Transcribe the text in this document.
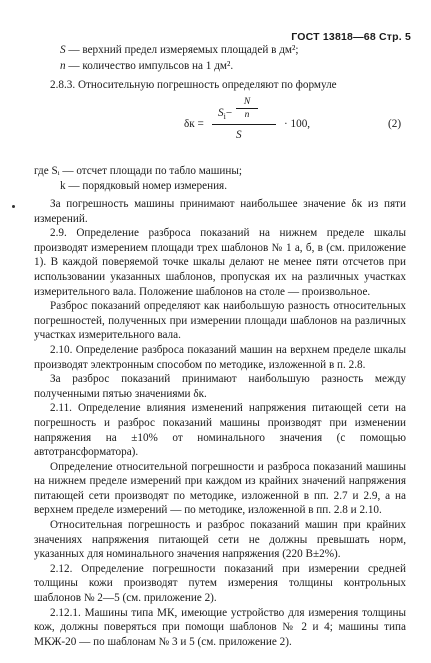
ГОСТ 13818—68 Стр. 5
S — верхний предел измеряемых площадей в дм²;
n — количество импульсов на 1 дм².
2.8.3. Относительную погрешность определяют по формуле
δк =
$S_i-$
N
n
S
· 100,	(2)
где Sᵢ — отсчет площади по табло машины;
k — порядковый номер измерения.

За погрешность машины принимают наибольшее значение δк из пяти измерений.

2.9. Определение разброса показаний на нижнем пределе шкалы производят измерением площади трех шаблонов № 1 а, б, в (см. приложение 1). В каждой поверяемой точке шкалы делают не менее пяти отсчетов при использовании указанных шаблонов, пропуская их на различных участках измерительного вала. Положение шаблонов на столе — произвольное.

Разброс показаний определяют как наибольшую разность относительных погрешностей, полученных при измерении площади шаблонов на различных участках измерительного вала.

2.10. Определение разброса показаний машин на верхнем пределе шкалы производят электронным способом по методике, изложенной в п. 2.8.

За разброс показаний принимают наибольшую разность между полученными пятью значениями δк.

2.11. Определение влияния изменений напряжения питающей сети на погрешность и разброс показаний машины производят при изменении напряжения на ±10% от номинального значения (с помощью автотрансформатора).

Определение относительной погрешности и разброса показаний машины на нижнем пределе измерений при каждом из крайних значений напряжения питающей сети производят по методике, изложенной в пп. 2.7 и 2.9, а на верхнем пределе измерений — по методике, изложенной в пп. 2.8 и 2.10.

Относительная погрешность и разброс показаний машин при крайних значениях напряжения питающей сети не должны превышать норм, указанных для номинального значения напряжения (220 В±2%).

2.12. Определение погрешности показаний при измерении средней толщины кожи производят путем измерения толщины контрольных шаблонов № 2—5 (см. приложение 2).

2.12.1. Машины типа МК, имеющие устройство для измерения толщины кож, должны поверяться при помощи шаблонов № 2 и 4; машины типа МКЖ-20 — по шаблонам № 3 и 5 (см. приложение 2).
